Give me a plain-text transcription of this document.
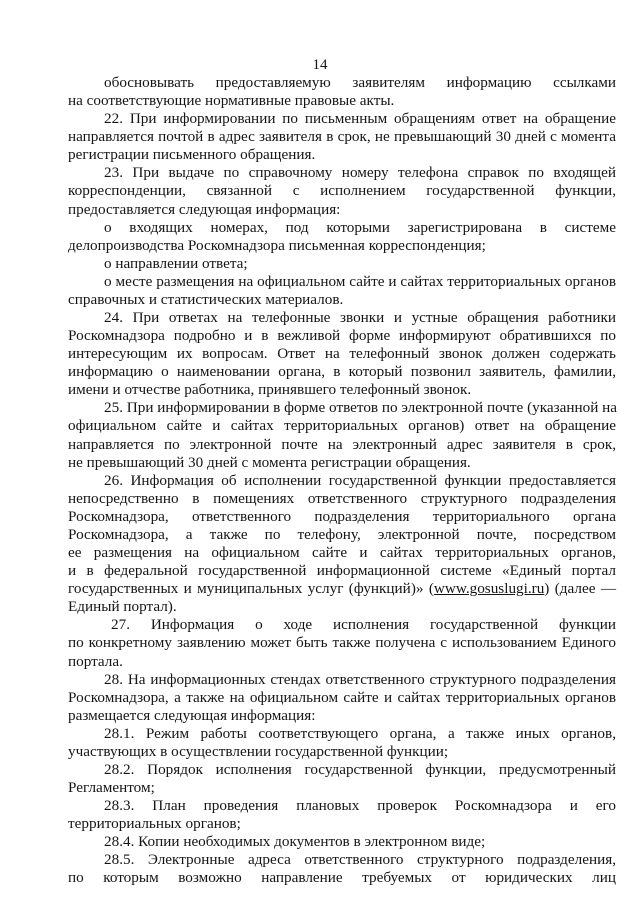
14
обосновывать предоставляемую заявителям информацию ссылками
на соответствующие нормативные правовые акты.
22. При информировании по письменным обращениям ответ на обращение
направляется почтой в адрес заявителя в срок, не превышающий 30 дней с момента
регистрации письменного обращения.
23. При выдаче по справочному номеру телефона справок по входящей
корреспонденции, связанной с исполнением государственной функции,
предоставляется следующая информация:
о входящих номерах, под которыми зарегистрирована в системе
делопроизводства Роскомнадзора письменная корреспонденция;
о направлении ответа;
о месте размещения на официальном сайте и сайтах территориальных органов
справочных и статистических материалов.
24. При ответах на телефонные звонки и устные обращения работники
Роскомнадзора подробно и в вежливой форме информируют обратившихся по
интересующим их вопросам. Ответ на телефонный звонок должен содержать
информацию о наименовании органа, в который позвонил заявитель, фамилии,
имени и отчестве работника, принявшего телефонный звонок.
25. При информировании в форме ответов по электронной почте (указанной на
официальном сайте и сайтах территориальных органов) ответ на обращение
направляется по электронной почте на электронный адрес заявителя в срок,
не превышающий 30 дней с момента регистрации обращения.
26. Информация об исполнении государственной функции предоставляется
непосредственно в помещениях ответственного структурного подразделения
Роскомнадзора, ответственного подразделения территориального органа
Роскомнадзора, а также по телефону, электронной почте, посредством
ее размещения на официальном сайте и сайтах территориальных органов,
и в федеральной государственной информационной системе «Единый портал
государственных и муниципальных услуг (функций)» (www.gosuslugi.ru) (далее —
Единый портал).
27. Информация о ходе исполнения государственной функции
по конкретному заявлению может быть также получена с использованием Единого
портала.
28. На информационных стендах ответственного структурного подразделения
Роскомнадзора, а также на официальном сайте и сайтах территориальных органов
размещается следующая информация:
28.1. Режим работы соответствующего органа, а также иных органов,
участвующих в осуществлении государственной функции;
28.2. Порядок исполнения государственной функции, предусмотренный
Регламентом;
28.3. План проведения плановых проверок Роскомнадзора и его
территориальных органов;
28.4. Копии необходимых документов в электронном виде;
28.5. Электронные адреса ответственного структурного подразделения,
по которым возможно направление требуемых от юридических лиц
